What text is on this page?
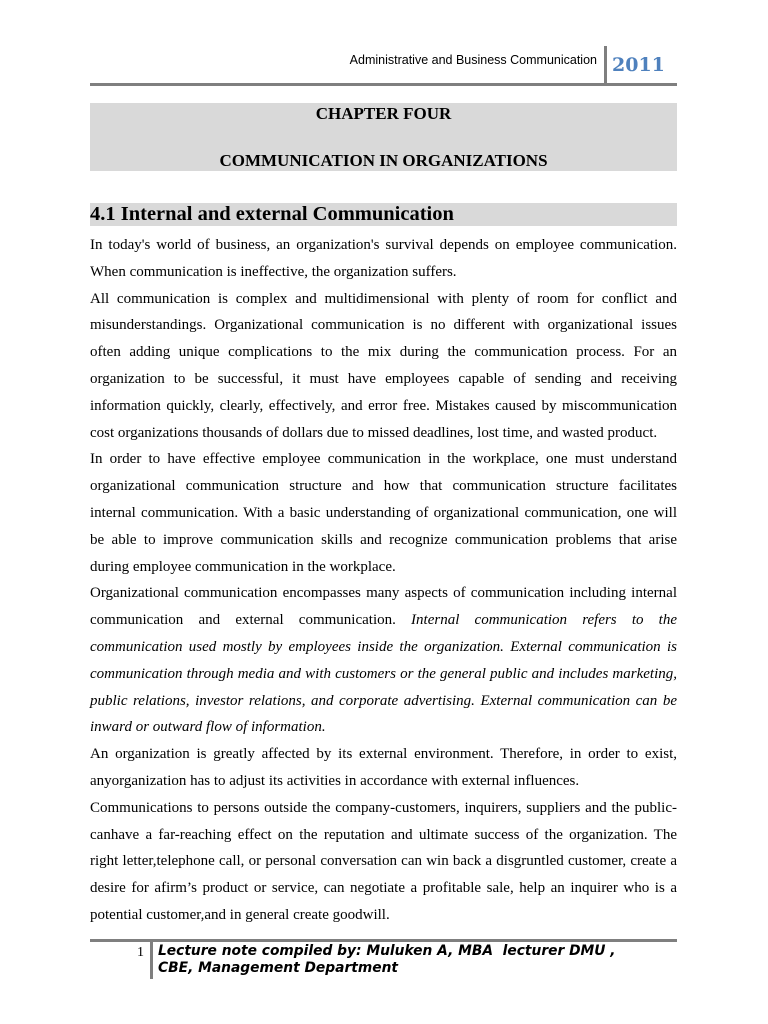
Administrative and Business Communication 2011
CHAPTER FOUR
COMMUNICATION IN ORGANIZATIONS
4.1 Internal and external Communication
In today's world of business, an organization's survival depends on employee communication.
When communication is ineffective, the organization suffers.
All communication is complex and multidimensional with plenty of room for conflict and
misunderstandings. Organizational communication is no different with organizational issues
often adding unique complications to the mix during the communication process. For an
organization to be successful, it must have employees capable of sending and receiving
information quickly, clearly, effectively, and error free. Mistakes caused by miscommunication
cost organizations thousands of dollars due to missed deadlines, lost time, and wasted product.
In order to have effective employee communication in the workplace, one must understand
organizational communication structure and how that communication structure facilitates
internal communication. With a basic understanding of organizational communication, one will
be able to improve communication skills and recognize communication problems that arise
during employee communication in the workplace.
Organizational communication encompasses many aspects of communication including internal
communication and external communication. Internal communication refers to the
communication used mostly by employees inside the organization. External communication is
communication through media and with customers or the general public and includes marketing,
public relations, investor relations, and corporate advertising. External communication can be
inward or outward flow of information.
An organization is greatly affected by its external environment. Therefore, in order to exist,
anyorganization has to adjust its activities in accordance with external influences.
Communications to persons outside the company-customers, inquirers, suppliers and the public-
canhave a far-reaching effect on the reputation and ultimate success of the organization. The
right letter,telephone call, or personal conversation can win back a disgruntled customer, create a
desire for afirm’s product or service, can negotiate a profitable sale, help an inquirer who is a
potential customer,and in general create goodwill.
1 Lecture note compiled by: Muluken A, MBA  lecturer DMU ,
CBE, Management Department
